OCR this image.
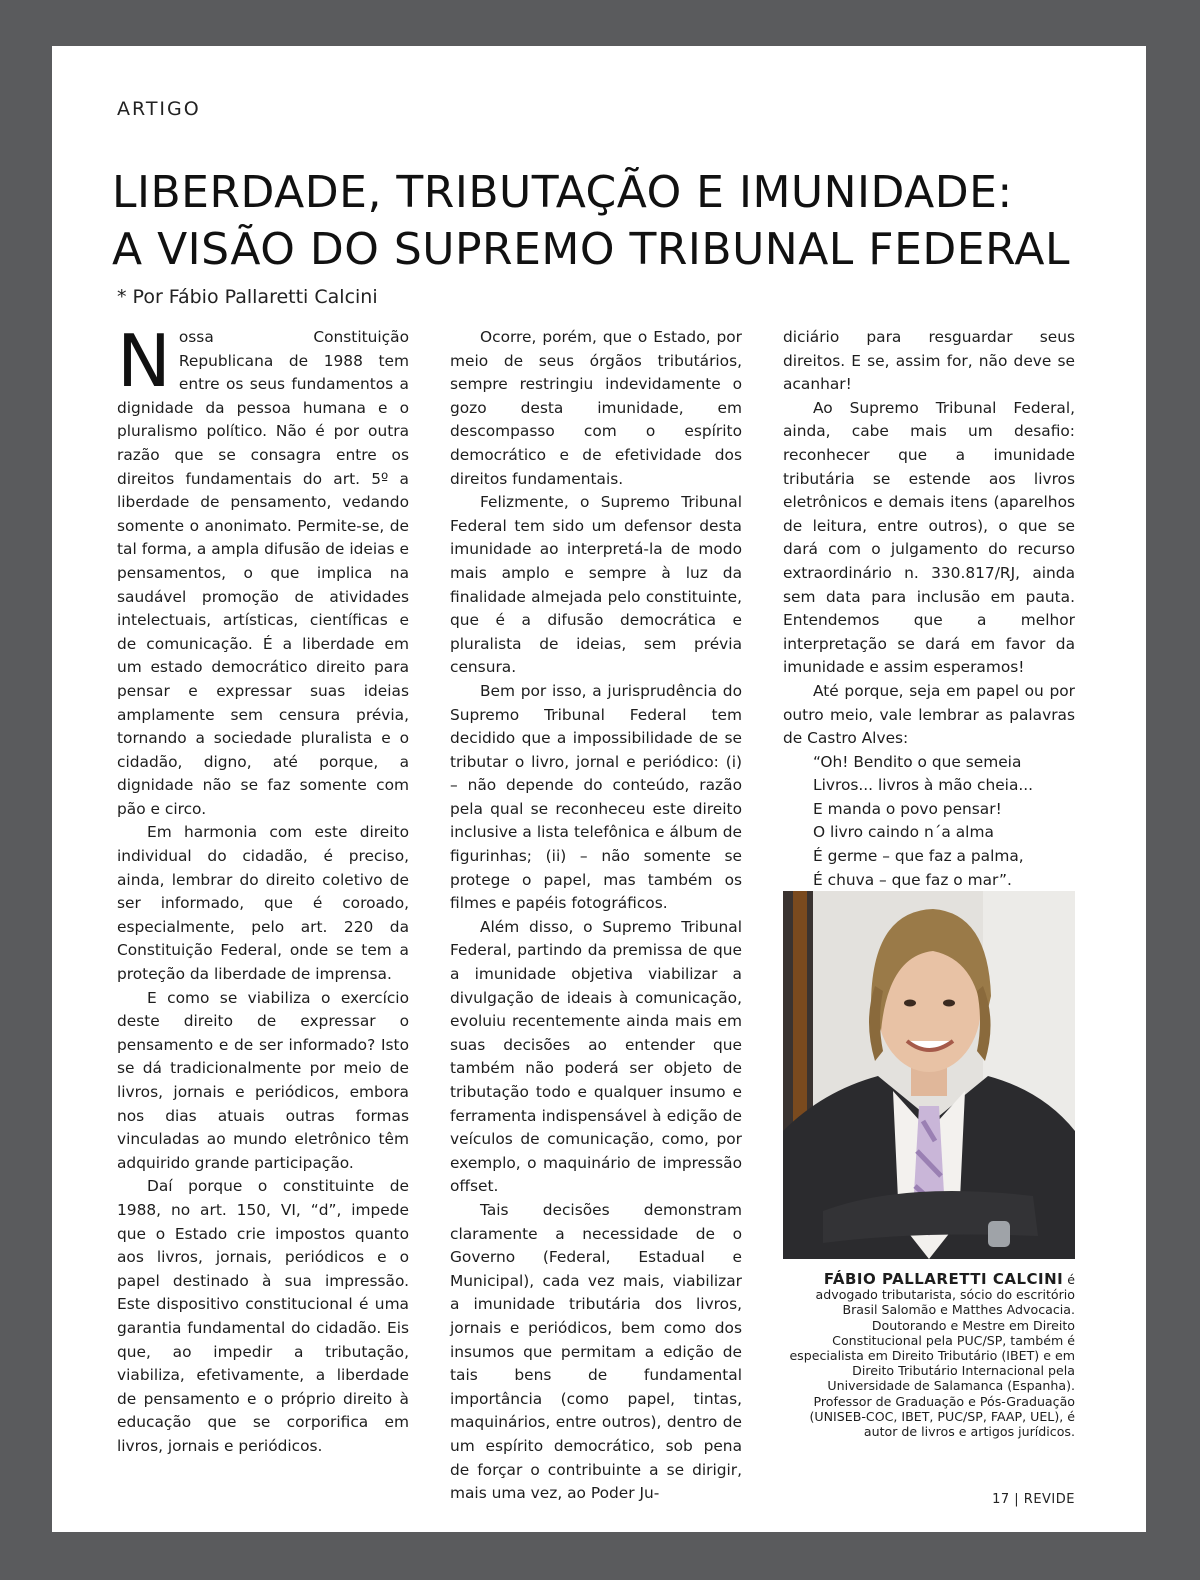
ARTIGO
LIBERDADE, TRIBUTAÇÃO E IMUNIDADE:
A VISÃO DO SUPREMO TRIBUNAL FEDERAL
* Por Fábio Pallaretti Calcini

Nossa Constituição Republicana de 1988 tem entre os seus fundamentos a dignidade da pessoa humana e o pluralismo político. Não é por outra razão que se consagra entre os direitos fundamentais do art. 5º a liberdade de pensamento, vedando somente o anonimato. Permite-se, de tal forma, a ampla difusão de ideias e pensamentos, o que implica na saudável promoção de atividades intelectuais, artísticas, científicas e de comunicação. É a liberdade em um estado democrático direito para pensar e expressar suas ideias amplamente sem censura prévia, tornando a sociedade pluralista e o cidadão, digno, até porque, a dignidade não se faz somente com pão e circo.

Em harmonia com este direito individual do cidadão, é preciso, ainda, lembrar do direito coletivo de ser informado, que é coroado, especialmente, pelo art. 220 da Constituição Federal, onde se tem a proteção da liberdade de imprensa.

E como se viabiliza o exercício deste direito de expressar o pensamento e de ser informado? Isto se dá tradicionalmente por meio de livros, jornais e periódicos, embora nos dias atuais outras formas vinculadas ao mundo eletrônico têm adquirido grande participação.

Daí porque o constituinte de 1988, no art. 150, VI, “d”, impede que o Estado crie impostos quanto aos livros, jornais, periódicos e o papel destinado à sua impressão. Este dispositivo constitucional é uma garantia fundamental do cidadão. Eis que, ao impedir a tributação, viabiliza, efetivamente, a liberdade de pensamento e o próprio direito à educação que se corporifica em livros, jornais e periódicos.

Ocorre, porém, que o Estado, por meio de seus órgãos tributários, sempre restringiu indevidamente o gozo desta imunidade, em descompasso com o espírito democrático e de efetividade dos direitos fundamentais.

Felizmente, o Supremo Tribunal Federal tem sido um defensor desta imunidade ao interpretá-la de modo mais amplo e sempre à luz da finalidade almejada pelo constituinte, que é a difusão democrática e pluralista de ideias, sem prévia censura.

Bem por isso, a jurisprudência do Supremo Tribunal Federal tem decidido que a impossibilidade de se tributar o livro, jornal e periódico: (i) – não depende do conteúdo, razão pela qual se reconheceu este direito inclusive a lista telefônica e álbum de figurinhas; (ii) – não somente se protege o papel, mas também os filmes e papéis fotográficos.

Além disso, o Supremo Tribunal Federal, partindo da premissa de que a imunidade objetiva viabilizar a divulgação de ideais à comunicação, evoluiu recentemente ainda mais em suas decisões ao entender que também não poderá ser objeto de tributação todo e qualquer insumo e ferramenta indispensável à edição de veículos de comunicação, como, por exemplo, o maquinário de impressão offset.

Tais decisões demonstram claramente a necessidade de o Governo (Federal, Estadual e Municipal), cada vez mais, viabilizar a imunidade tributária dos livros, jornais e periódicos, bem como dos insumos que permitam a edição de tais bens de fundamental importância (como papel, tintas, maquinários, entre outros), dentro de um espírito democrático, sob pena de forçar o contribuinte a se dirigir, mais uma vez, ao Poder Ju-

diciário para resguardar seus direitos. E se, assim for, não deve se acanhar!

Ao Supremo Tribunal Federal, ainda, cabe mais um desafio: reconhecer que a imunidade tributária se estende aos livros eletrônicos e demais itens (aparelhos de leitura, entre outros), o que se dará com o julgamento do recurso extraordinário n. 330.817/RJ, ainda sem data para inclusão em pauta. Entendemos que a melhor interpretação se dará em favor da imunidade e assim esperamos!

Até porque, seja em papel ou por outro meio, vale lembrar as palavras de Castro Alves:

“Oh! Bendito o que semeia
Livros... livros à mão cheia...
E manda o povo pensar!
O livro caindo n´a alma
É germe – que faz a palma,
É chuva – que faz o mar”.
FÁBIO PALLARETTI CALCINI é advogado tributarista, sócio do escritório Brasil Salomão e Matthes Advocacia. Doutorando e Mestre em Direito Constitucional pela PUC/SP, também é especialista em Direito Tributário (IBET) e em Direito Tributário Internacional pela Universidade de Salamanca (Espanha). Professor de Graduação e Pós-Graduação (UNISEB-COC, IBET, PUC/SP, FAAP, UEL), é autor de livros e artigos jurídicos.
17 | REVIDE
